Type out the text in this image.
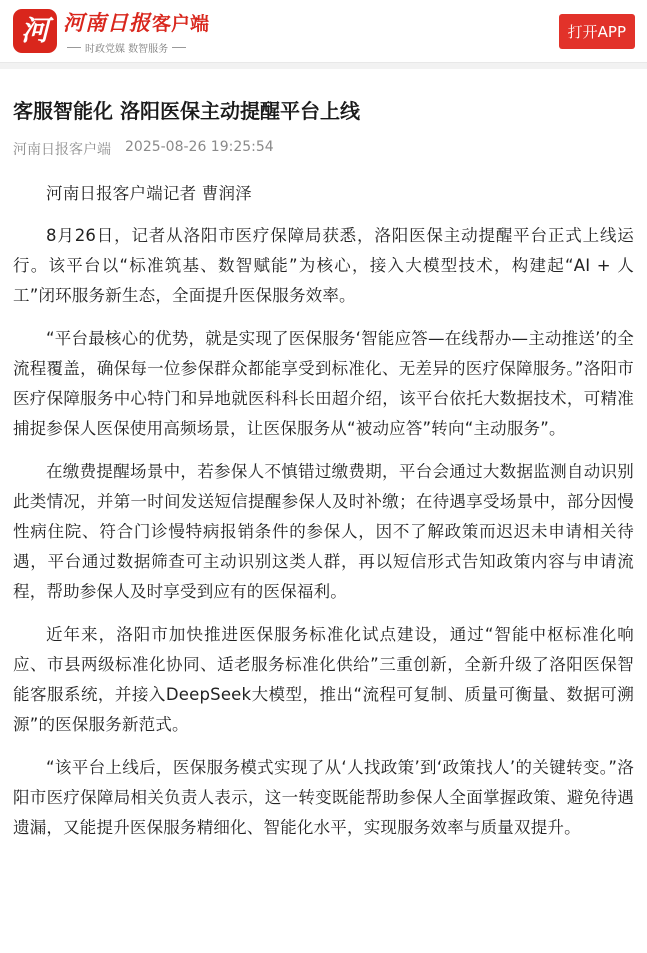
河 河南日报 客户端
时政党媒 数智服务
打开APP
客服智能化 洛阳医保主动提醒平台上线
河南日报客户端 2025-08-26 19:25:54

河南日报客户端记者 曹润泽

8月26日，记者从洛阳市医疗保障局获悉，洛阳医保主动提醒平台正式上线运行。该平台以“标准筑基、数智赋能”为核心，接入大模型技术，构建起“AI + 人工”闭环服务新生态，全面提升医保服务效率。

“平台最核心的优势，就是实现了医保服务‘智能应答—在线帮办—主动推送’的全流程覆盖，确保每一位参保群众都能享受到标准化、无差异的医疗保障服务。”洛阳市医疗保障服务中心特门和异地就医科科长田超介绍，该平台依托大数据技术，可精准捕捉参保人医保使用高频场景，让医保服务从“被动应答”转向“主动服务”。

在缴费提醒场景中，若参保人不慎错过缴费期，平台会通过大数据监测自动识别此类情况，并第一时间发送短信提醒参保人及时补缴；在待遇享受场景中，部分因慢性病住院、符合门诊慢特病报销条件的参保人，因不了解政策而迟迟未申请相关待遇，平台通过数据筛查可主动识别这类人群，再以短信形式告知政策内容与申请流程，帮助参保人及时享受到应有的医保福利。

近年来，洛阳市加快推进医保服务标准化试点建设，通过“智能中枢标准化响应、市县两级标准化协同、适老服务标准化供给”三重创新，全新升级了洛阳医保智能客服系统，并接入DeepSeek大模型，推出“流程可复制、质量可衡量、数据可溯源”的医保服务新范式。

“该平台上线后，医保服务模式实现了从‘人找政策’到‘政策找人’的关键转变。”洛阳市医疗保障局相关负责人表示，这一转变既能帮助参保人全面掌握政策、避免待遇遗漏，又能提升医保服务精细化、智能化水平，实现服务效率与质量双提升。
